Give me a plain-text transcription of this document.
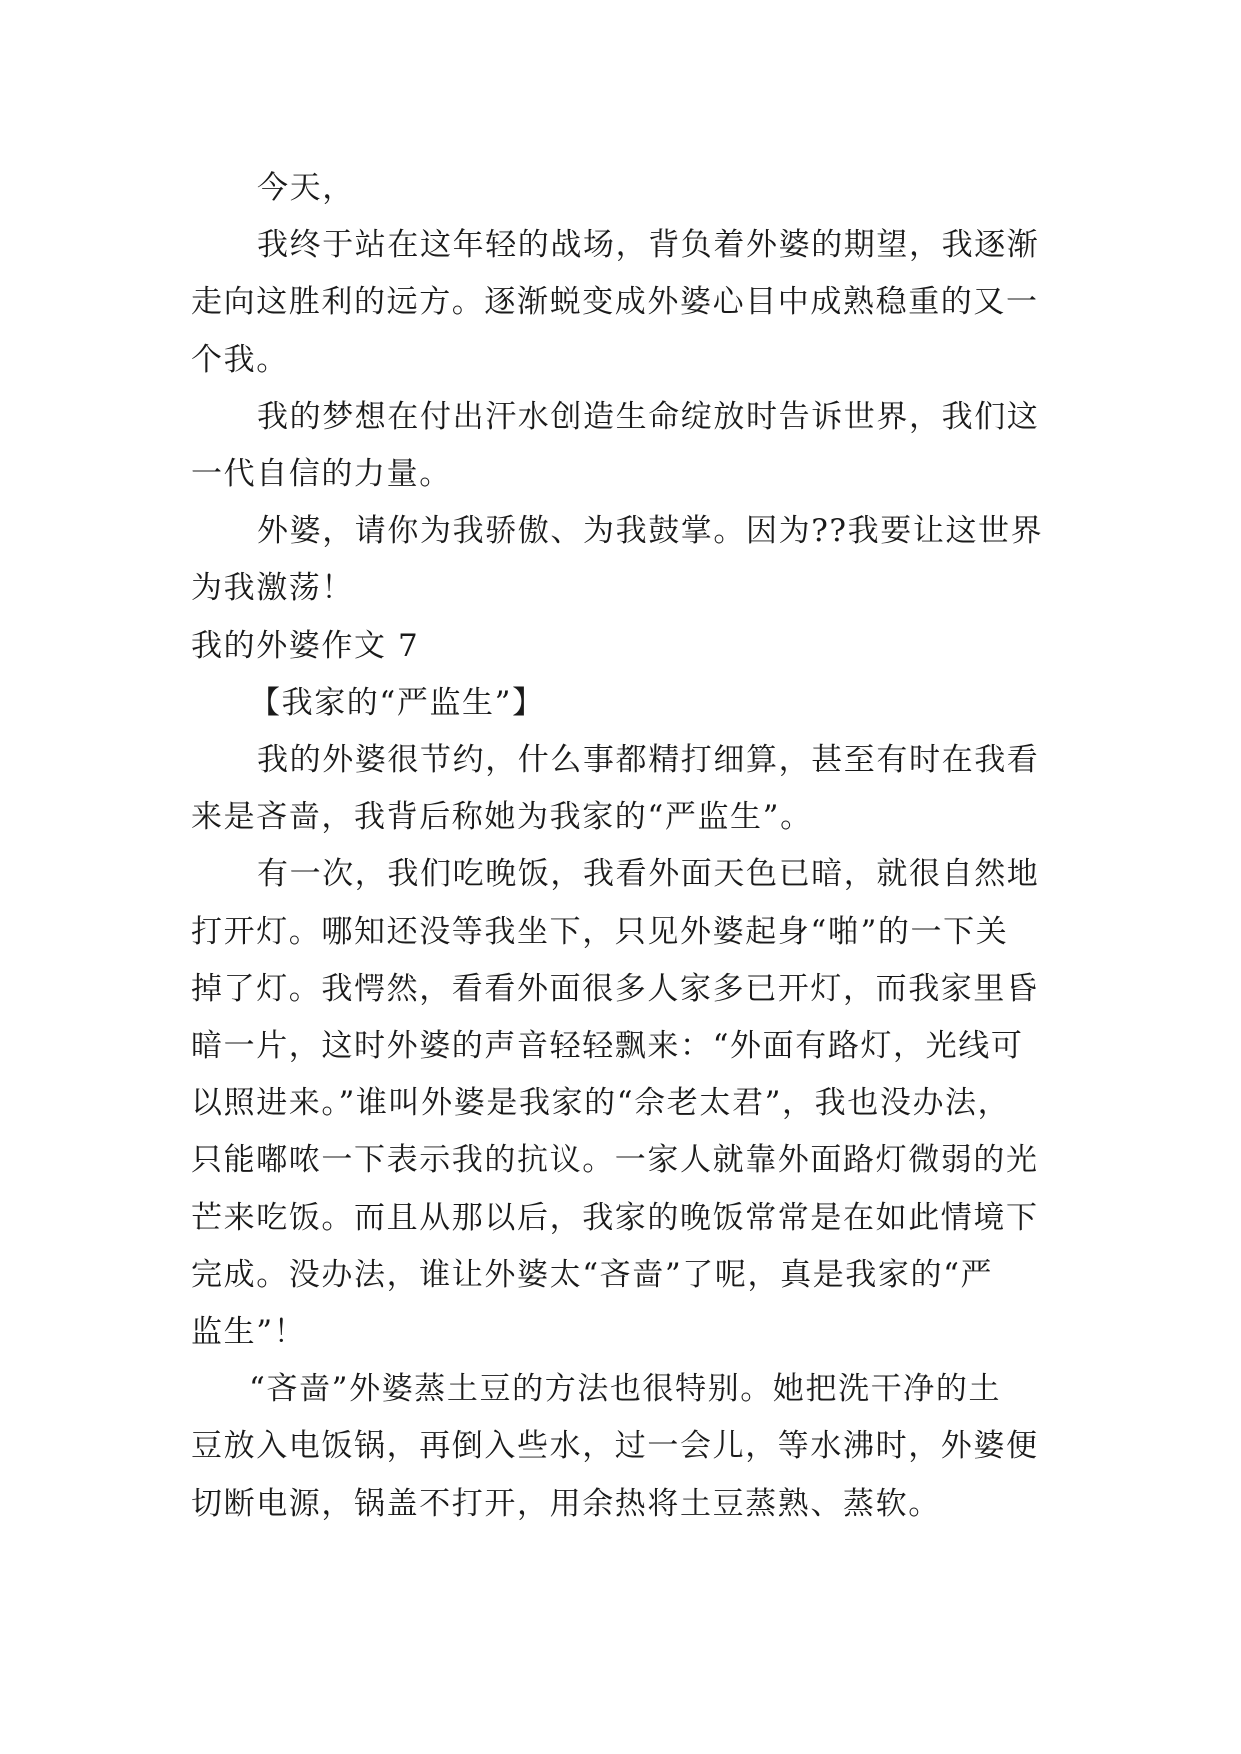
今天，

我终于站在这年轻的战场，背负着外婆的期望，我逐渐
走向这胜利的远方。逐渐蜕变成外婆心目中成熟稳重的又一
个我。

我的梦想在付出汗水创造生命绽放时告诉世界，我们这
一代自信的力量。

外婆，请你为我骄傲、为我鼓掌。因为??我要让这世界
为我激荡！

我的外婆作文 7

【我家的“严监生”】

我的外婆很节约，什么事都精打细算，甚至有时在我看
来是吝啬，我背后称她为我家的“严监生”。

有一次，我们吃晚饭，我看外面天色已暗，就很自然地
打开灯。哪知还没等我坐下，只见外婆起身“啪”的一下关
掉了灯。我愕然，看看外面很多人家多已开灯，而我家里昏
暗一片，这时外婆的声音轻轻飘来：“外面有路灯，光线可
以照进来。”谁叫外婆是我家的“佘老太君”，我也没办法，
只能嘟哝一下表示我的抗议。一家人就靠外面路灯微弱的光
芒来吃饭。而且从那以后，我家的晚饭常常是在如此情境下
完成。没办法，谁让外婆太“吝啬”了呢，真是我家的“严
监生”！

“吝啬”外婆蒸土豆的方法也很特别。她把洗干净的土
豆放入电饭锅，再倒入些水，过一会儿，等水沸时，外婆便
切断电源，锅盖不打开，用余热将土豆蒸熟、蒸软。
